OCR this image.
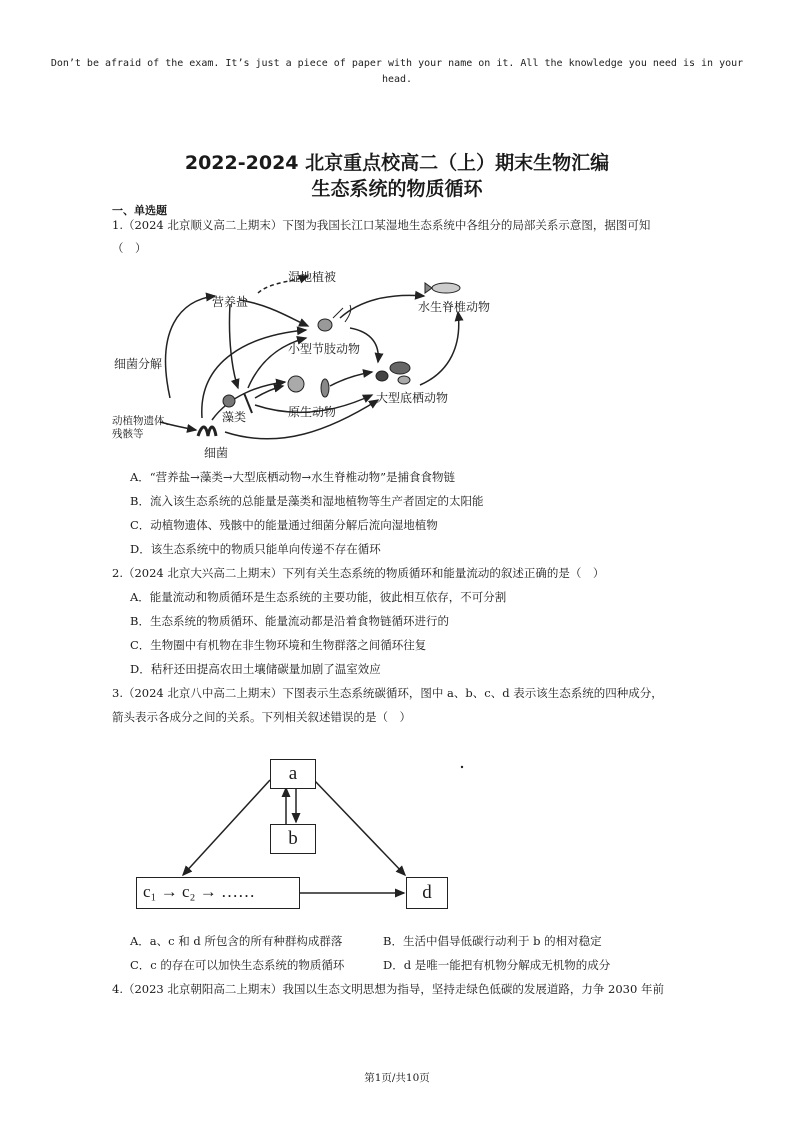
Don’t be afraid of the exam. It’s just a piece of paper with your name on it. All the knowledge you need is in your head.
2022-2024 北京重点校高二（上）期末生物汇编
生态系统的物质循环
一、单选题
1.（2024 北京顺义高二上期末）下图为我国长江口某湿地生态系统中各组分的局部关系示意图，据图可知
（　）
湿地植被
营养盐	水生脊椎动物
小型节肢动物
细菌分解
藻类	原生动物
大型底栖动物
动植物遗体、
残骸等
细菌
A．“营养盐→藻类→大型底栖动物→水生脊椎动物”是捕食食物链
B．流入该生态系统的总能量是藻类和湿地植物等生产者固定的太阳能
C．动植物遗体、残骸中的能量通过细菌分解后流向湿地植物
D．该生态系统中的物质只能单向传递不存在循环
2.（2024 北京大兴高二上期末）下列有关生态系统的物质循环和能量流动的叙述正确的是（　）
A．能量流动和物质循环是生态系统的主要功能，彼此相互依存，不可分割
B．生态系统的物质循环、能量流动都是沿着食物链循环进行的
C．生物圈中有机物在非生物环境和生物群落之间循环往复
D．秸秆还田提高农田土壤储碳量加剧了温室效应
3.（2024 北京八中高二上期末）下图表示生态系统碳循环，图中 a、b、c、d 表示该生态系统的四种成分，
箭头表示各成分之间的关系。下列相关叙述错误的是（　）
a
b
c₁ → c₂ → ……	d
A．a、c 和 d 所包含的所有种群构成群落	B．生活中倡导低碳行动利于 b 的相对稳定
C．c 的存在可以加快生态系统的物质循环	D．d 是唯一能把有机物分解成无机物的成分
4.（2023 北京朝阳高二上期末）我国以生态文明思想为指导，坚持走绿色低碳的发展道路，力争 2030 年前
第1页/共10页
